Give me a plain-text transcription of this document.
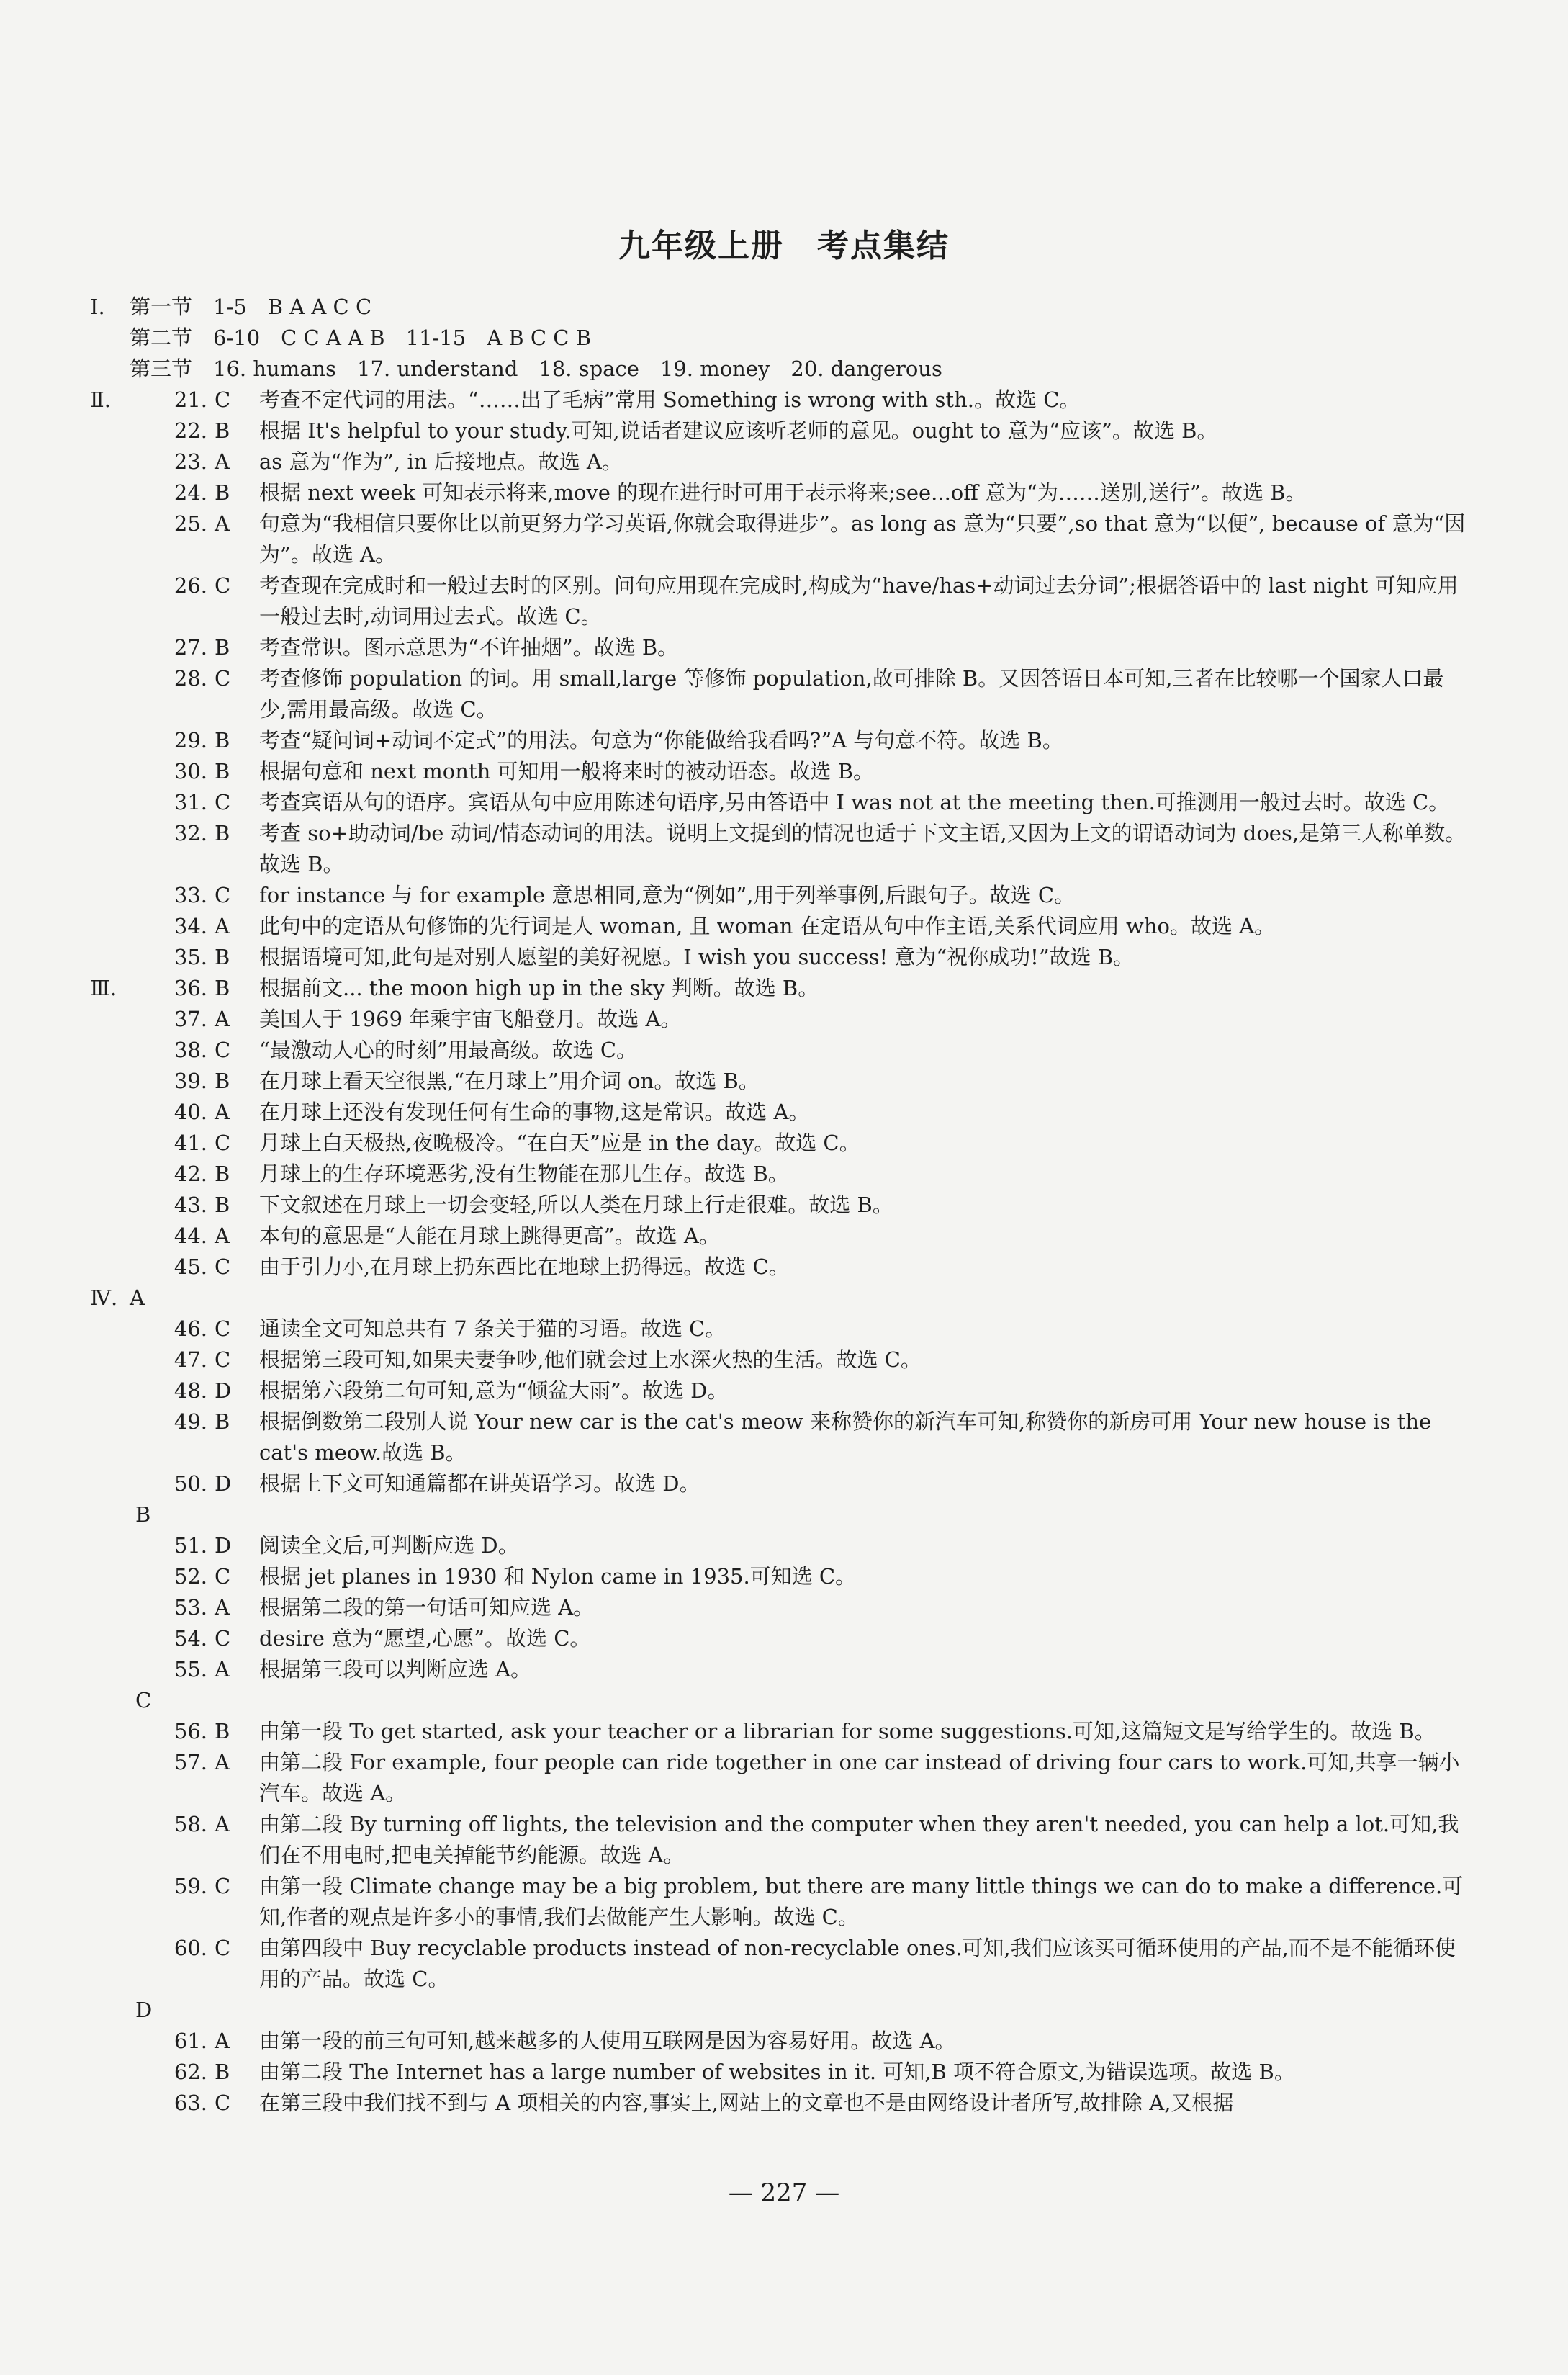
九年级上册　考点集结
Ⅰ.	第一节　1-5　B A A C C
第二节　6-10　C C A A B　11-15　A B C C B
第三节　16. humans　17. understand　18. space　19. money　20. dangerous
Ⅱ.	21. C	考查不定代词的用法。“……出了毛病”常用 Something is wrong with sth.。故选 C。
22. B	根据 It's helpful to your study.可知,说话者建议应该听老师的意见。ought to 意为“应该”。故选 B。
23. A	as 意为“作为”, in 后接地点。故选 A。
24. B	根据 next week 可知表示将来,move 的现在进行时可用于表示将来;see...off 意为“为……送别,送行”。故选 B。
25. A	句意为“我相信只要你比以前更努力学习英语,你就会取得进步”。as long as 意为“只要”,so that 意为“以便”, because of 意为“因为”。故选 A。
26. C	考查现在完成时和一般过去时的区别。问句应用现在完成时,构成为“have/has+动词过去分词”;根据答语中的 last night 可知应用一般过去时,动词用过去式。故选 C。
27. B	考查常识。图示意思为“不许抽烟”。故选 B。
28. C	考查修饰 population 的词。用 small,large 等修饰 population,故可排除 B。又因答语日本可知,三者在比较哪一个国家人口最少,需用最高级。故选 C。
29. B	考查“疑问词+动词不定式”的用法。句意为“你能做给我看吗?”A 与句意不符。故选 B。
30. B	根据句意和 next month 可知用一般将来时的被动语态。故选 B。
31. C	考查宾语从句的语序。宾语从句中应用陈述句语序,另由答语中 I was not at the meeting then.可推测用一般过去时。故选 C。
32. B	考查 so+助动词/be 动词/情态动词的用法。说明上文提到的情况也适于下文主语,又因为上文的谓语动词为 does,是第三人称单数。故选 B。
33. C	for instance 与 for example 意思相同,意为“例如”,用于列举事例,后跟句子。故选 C。
34. A	此句中的定语从句修饰的先行词是人 woman, 且 woman 在定语从句中作主语,关系代词应用 who。故选 A。
35. B	根据语境可知,此句是对别人愿望的美好祝愿。I wish you success! 意为“祝你成功!”故选 B。
Ⅲ.	36. B	根据前文... the moon high up in the sky 判断。故选 B。
37. A	美国人于 1969 年乘宇宙飞船登月。故选 A。
38. C	“最激动人心的时刻”用最高级。故选 C。
39. B	在月球上看天空很黑,“在月球上”用介词 on。故选 B。
40. A	在月球上还没有发现任何有生命的事物,这是常识。故选 A。
41. C	月球上白天极热,夜晚极冷。“在白天”应是 in the day。故选 C。
42. B	月球上的生存环境恶劣,没有生物能在那儿生存。故选 B。
43. B	下文叙述在月球上一切会变轻,所以人类在月球上行走很难。故选 B。
44. A	本句的意思是“人能在月球上跳得更高”。故选 A。
45. C	由于引力小,在月球上扔东西比在地球上扔得远。故选 C。
Ⅳ. A
46. C	通读全文可知总共有 7 条关于猫的习语。故选 C。
47. C	根据第三段可知,如果夫妻争吵,他们就会过上水深火热的生活。故选 C。
48. D	根据第六段第二句可知,意为“倾盆大雨”。故选 D。
49. B	根据倒数第二段别人说 Your new car is the cat's meow 来称赞你的新汽车可知,称赞你的新房可用 Your new house is the cat's meow.故选 B。
50. D	根据上下文可知通篇都在讲英语学习。故选 D。
B
51. D	阅读全文后,可判断应选 D。
52. C	根据 jet planes in 1930 和 Nylon came in 1935.可知选 C。
53. A	根据第二段的第一句话可知应选 A。
54. C	desire 意为“愿望,心愿”。故选 C。
55. A	根据第三段可以判断应选 A。
C
56. B	由第一段 To get started, ask your teacher or a librarian for some suggestions.可知,这篇短文是写给学生的。故选 B。
57. A	由第二段 For example, four people can ride together in one car instead of driving four cars to work.可知,共享一辆小汽车。故选 A。
58. A	由第二段 By turning off lights, the television and the computer when they aren't needed, you can help a lot.可知,我们在不用电时,把电关掉能节约能源。故选 A。
59. C	由第一段 Climate change may be a big problem, but there are many little things we can do to make a difference.可知,作者的观点是许多小的事情,我们去做能产生大影响。故选 C。
60. C	由第四段中 Buy recyclable products instead of non-recyclable ones.可知,我们应该买可循环使用的产品,而不是不能循环使用的产品。故选 C。
D
61. A	由第一段的前三句可知,越来越多的人使用互联网是因为容易好用。故选 A。
62. B	由第二段 The Internet has a large number of websites in it. 可知,B 项不符合原文,为错误选项。故选 B。
63. C	在第三段中我们找不到与 A 项相关的内容,事实上,网站上的文章也不是由网络设计者所写,故排除 A,又根据
— 227 —
